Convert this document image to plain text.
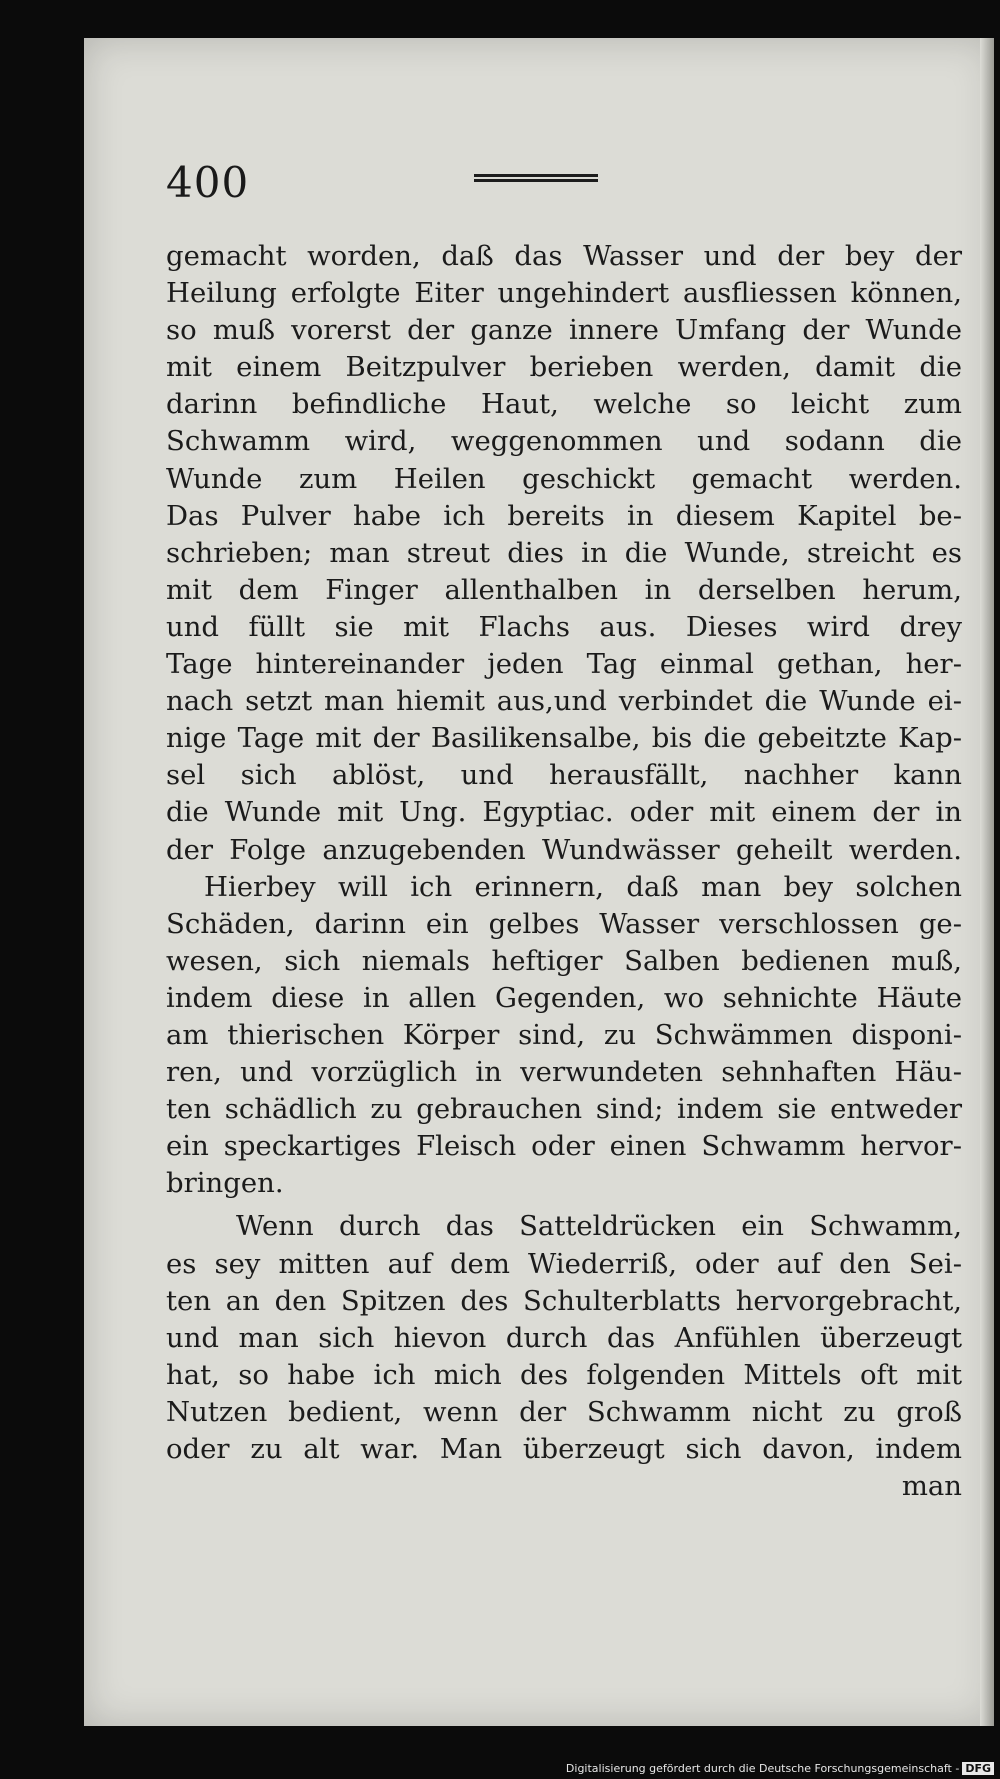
400
gemacht worden, daß das Wasser und der bey der
Heilung erfolgte Eiter ungehindert ausfliessen können,
so muß vorerst der ganze innere Umfang der Wunde
mit einem Beitzpulver berieben werden, damit die
darinn befindliche Haut, welche so leicht zum
Schwamm wird, weggenommen und sodann die
Wunde zum Heilen geschickt gemacht werden.
Das Pulver habe ich bereits in diesem Kapitel be-
schrieben; man streut dies in die Wunde, streicht es
mit dem Finger allenthalben in derselben herum,
und füllt sie mit Flachs aus. Dieses wird drey
Tage hintereinander jeden Tag einmal gethan, her-
nach setzt man hiemit aus,und verbindet die Wunde ei-
nige Tage mit der Basilikensalbe, bis die gebeitzte Kap-
sel sich ablöst, und herausfällt, nachher kann
die Wunde mit Ung. Egyptiac. oder mit einem der in
der Folge anzugebenden Wundwässer geheilt werden.
Hierbey will ich erinnern, daß man bey solchen
Schäden, darinn ein gelbes Wasser verschlossen ge-
wesen, sich niemals heftiger Salben bedienen muß,
indem diese in allen Gegenden, wo sehnichte Häute
am thierischen Körper sind, zu Schwämmen disponi-
ren, und vorzüglich in verwundeten sehnhaften Häu-
ten schädlich zu gebrauchen sind; indem sie entweder
ein speckartiges Fleisch oder einen Schwamm hervor-
bringen.
Wenn durch das Satteldrücken ein Schwamm,
es sey mitten auf dem Wiederriß, oder auf den Sei-
ten an den Spitzen des Schulterblatts hervorgebracht,
und man sich hievon durch das Anfühlen überzeugt
hat, so habe ich mich des folgenden Mittels oft mit
Nutzen bedient, wenn der Schwamm nicht zu groß
oder zu alt war. Man überzeugt sich davon, indem
man
Digitalisierung gefördert durch die Deutsche Forschungsgemeinschaft - DFG
